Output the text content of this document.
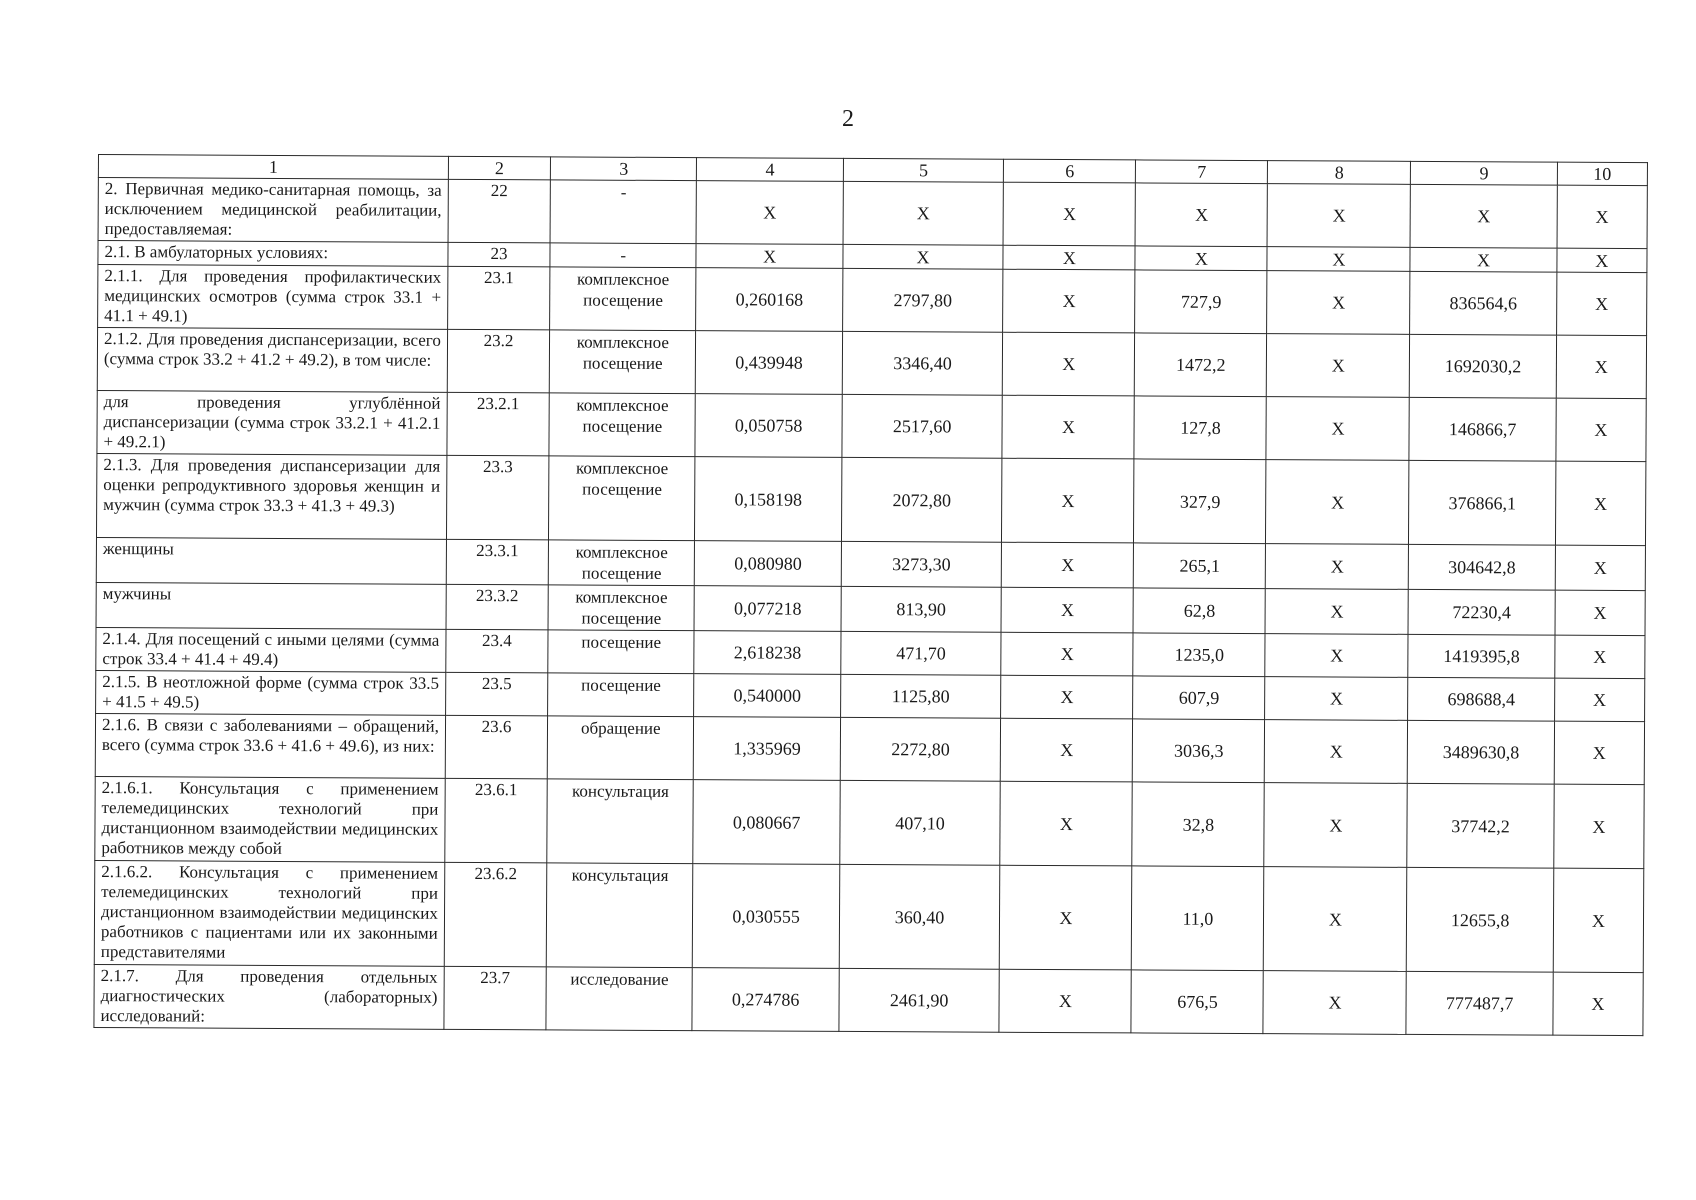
2
1	2	3	4	5	6	7	8	9	10
2. Первичная медико-санитарная помощь, за исключением медицинской реабилитации, предоставляемая:	22	-	Х	Х	Х	Х	Х	Х	Х
2.1. В амбулаторных условиях:	23	-	Х	Х	Х	Х	Х	Х	Х
2.1.1. Для проведения профилактических медицинских осмотров (сумма строк 33.1 + 41.1 + 49.1)	23.1	комплексное посещение	0,260168	2797,80	Х	727,9	Х	836564,6	Х
2.1.2. Для проведения диспансеризации, всего (сумма строк 33.2 + 41.2 + 49.2), в том числе:	23.2	комплексное посещение	0,439948	3346,40	Х	1472,2	Х	1692030,2	Х
для проведения углублённой диспансеризации (сумма строк 33.2.1 + 41.2.1 + 49.2.1)	23.2.1	комплексное посещение	0,050758	2517,60	Х	127,8	Х	146866,7	Х
2.1.3. Для проведения диспансеризации для оценки репродуктивного здоровья женщин и мужчин (сумма строк 33.3 + 41.3 + 49.3)	23.3	комплексное посещение	0,158198	2072,80	Х	327,9	Х	376866,1	Х
женщины	23.3.1	комплексное посещение	0,080980	3273,30	Х	265,1	Х	304642,8	Х
мужчины	23.3.2	комплексное посещение	0,077218	813,90	Х	62,8	Х	72230,4	Х
2.1.4. Для посещений с иными целями (сумма строк 33.4 + 41.4 + 49.4)	23.4	посещение	2,618238	471,70	Х	1235,0	Х	1419395,8	Х
2.1.5. В неотложной форме (сумма строк 33.5 + 41.5 + 49.5)	23.5	посещение	0,540000	1125,80	Х	607,9	Х	698688,4	Х
2.1.6. В связи с заболеваниями – обращений, всего (сумма строк 33.6 + 41.6 + 49.6), из них:	23.6	обращение	1,335969	2272,80	Х	3036,3	Х	3489630,8	Х
2.1.6.1. Консультация с применением телемедицинских технологий при дистанционном взаимодействии медицинских работников между собой	23.6.1	консультация	0,080667	407,10	Х	32,8	Х	37742,2	Х
2.1.6.2. Консультация с применением телемедицинских технологий при дистанционном взаимодействии медицинских работников с пациентами или их законными представителями	23.6.2	консультация	0,030555	360,40	Х	11,0	Х	12655,8	Х
2.1.7. Для проведения отдельных диагностических (лабораторных) исследований:	23.7	исследование	0,274786	2461,90	Х	676,5	Х	777487,7	Х
